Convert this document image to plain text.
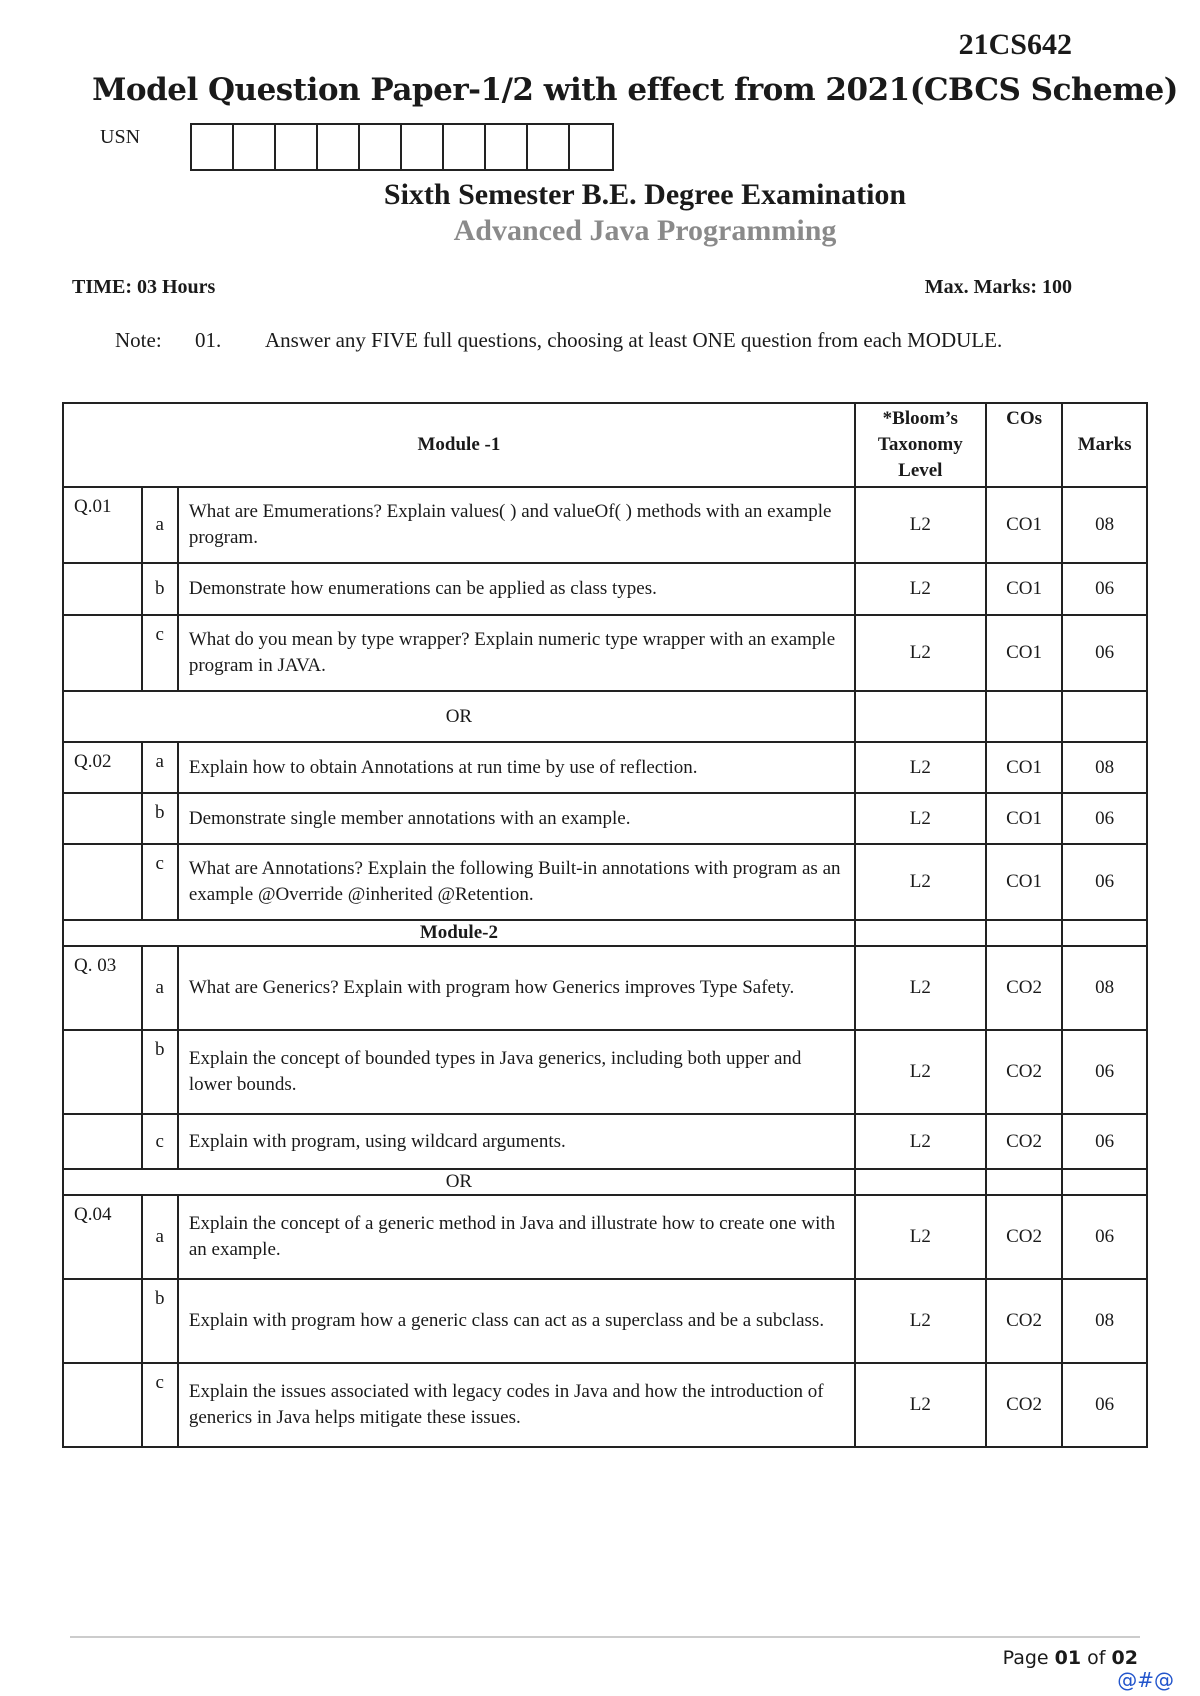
21CS642
Model Question Paper-1/2 with effect from 2021(CBCS Scheme)
USN
Sixth Semester B.E. Degree Examination
Advanced Java Programming
TIME: 03 Hours	Max. Marks: 100
Note:	01.	Answer any FIVE full questions, choosing at least ONE question from each MODULE.
Module -1			*Bloom’s Taxonomy Level	COs	Marks
Q.01	a	What are Emumerations? Explain values( ) and valueOf( ) methods with an example program.	L2	CO1	08
	b	Demonstrate how enumerations can be applied as class types.	L2	CO1	06
	c	What do you mean by type wrapper? Explain numeric type wrapper with an example program in JAVA.	L2	CO1	06
OR					
Q.02	a	Explain how to obtain Annotations at run time by use of reflection.	L2	CO1	08
	b	Demonstrate single member annotations with an example.	L2	CO1	06
	c	What are Annotations? Explain the following Built-in annotations with program as an example @Override @inherited @Retention.	L2	CO1	06
Module-2					
Q. 03	a	What are Generics? Explain with program how Generics improves Type Safety.	L2	CO2	08
	b	Explain the concept of bounded types in Java generics, including both upper and lower bounds.	L2	CO2	06
	c	Explain with program, using wildcard arguments.	L2	CO2	06
OR					
Q.04	a	Explain the concept of a generic method in Java and illustrate how to create one with an example.	L2	CO2	06
	b	Explain with program how a generic class can act as a superclass and be a subclass.	L2	CO2	08
	c	Explain the issues associated with legacy codes in Java and how the introduction of generics in Java helps mitigate these issues.	L2	CO2	06
Page 01 of 02
@#@
